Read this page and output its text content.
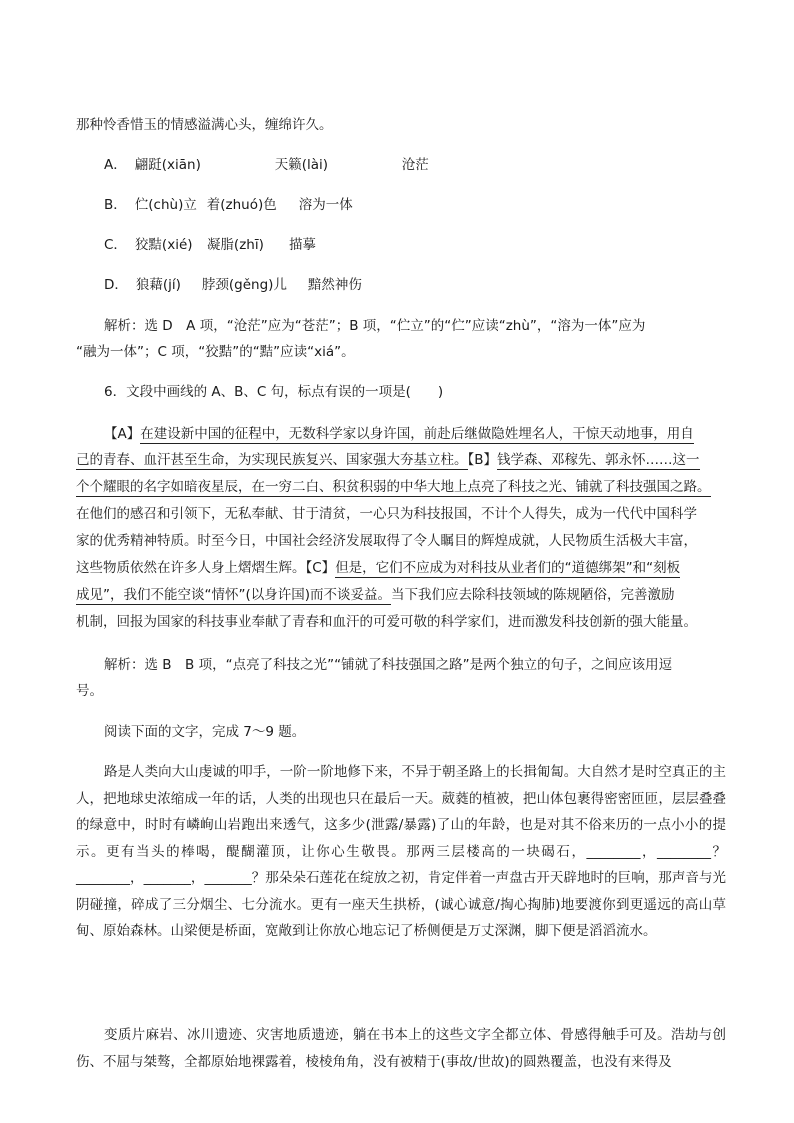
那种怜香惜玉的情感溢满心头，缠绵许久。
A． 翩跹(xiān)	天籁(lài)	沧茫
B． 伫(chù)立 着(zhuó)色 溶为一体
C． 狡黠(xié) 凝脂(zhī) 描摹
D． 狼藉(jí) 脖颈(gěng)儿 黯然神伤
解析：选 D　A 项，“沧茫”应为“苍茫”；B 项，“伫立”的“伫”应读“zhù”，“溶为一体”应为
“融为一体”；C 项，“狡黠”的“黠”应读“xiá”。
6．文段中画线的 A、B、C 句，标点有误的一项是(　　)
【A】在建设新中国的征程中，无数科学家以身许国，前赴后继做隐姓埋名人，干惊天动地事，用自
己的青春、血汗甚至生命，为实现民族复兴、国家强大夯基立柱。【B】钱学森、邓稼先、郭永怀……这一
个个耀眼的名字如暗夜星辰，在一穷二白、积贫积弱的中华大地上点亮了科技之光、铺就了科技强国之路。
在他们的感召和引领下，无私奉献、甘于清贫，一心只为科技报国，不计个人得失，成为一代代中国科学
家的优秀精神特质。时至今日，中国社会经济发展取得了令人瞩目的辉煌成就，人民物质生活极大丰富，
这些物质依然在许多人身上熠熠生辉。【C】但是，它们不应成为对科技从业者们的“道德绑架”和“刻板
成见”，我们不能空谈“情怀”(以身许国)而不谈妥益。当下我们应去除科技领域的陈规陋俗，完善激励
机制，回报为国家的科技事业奉献了青春和血汗的可爱可敬的科学家们，进而激发科技创新的强大能量。
解析：选 B　B 项，“点亮了科技之光”“铺就了科技强国之路”是两个独立的句子，之间应该用逗
号。
阅读下面的文字，完成 7～9 题。
路是人类向大山虔诚的叩手，一阶一阶地修下来，不异于朝圣路上的长揖匍匐。大自然才是时空真正的主人，把地球史浓缩成一年的话，人类的出现也只在最后一天。葳蕤的植被，把山体包裹得密密匝匝，层层叠叠的绿意中，时时有嶙峋山岩跑出来透气，这多少(泄露/暴露)了山的年龄，也是对其不俗来历的一点小小的提示。更有当头的棒喝，醍醐灌顶，让你心生敬畏。那两三层楼高的一块碣石，________，________？________，_______，_______？那朵朵石莲花在绽放之初，肯定伴着一声盘古开天辟地时的巨响，那声音与光阴碰撞，碎成了三分烟尘、七分流水。更有一座天生拱桥，(诚心诚意/掏心掏肺)地要渡你到更遥远的高山草甸、原始森林。山梁便是桥面，宽敞到让你放心地忘记了桥侧便是万丈深渊，脚下便是滔滔流水。
变质片麻岩、冰川遗迹、灾害地质遗迹，躺在书本上的这些文字全都立体、骨感得触手可及。浩劫与创伤、不屈与桀骜，全都原始地裸露着，棱棱角角，没有被精于(事故/世故)的圆熟覆盖，也没有来得及
